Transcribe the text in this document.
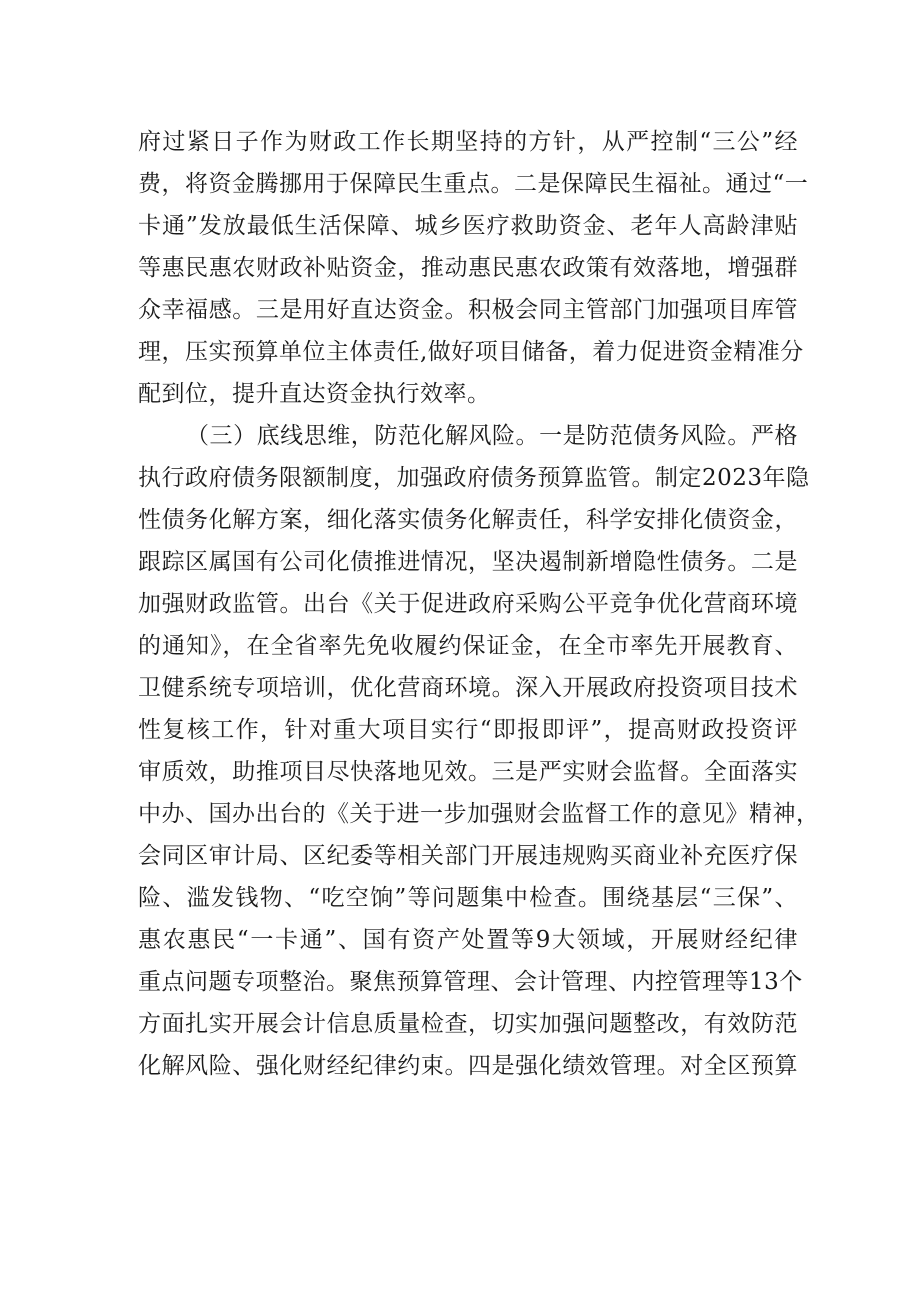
府过紧日子作为财政工作长期坚持的方针，从严控制“三公”经
费，将资金腾挪用于保障民生重点。二是保障民生福祉。通过“一
卡通”发放最低生活保障、城乡医疗救助资金、老年人高龄津贴
等惠民惠农财政补贴资金，推动惠民惠农政策有效落地，增强群
众幸福感。三是用好直达资金。积极会同主管部门加强项目库管
理，压实预算单位主体责任,做好项目储备，着力促进资金精准分
配到位，提升直达资金执行效率。
（三）底线思维，防范化解风险。一是防范债务风险。严格
执行政府债务限额制度，加强政府债务预算监管。制定2023年隐
性债务化解方案，细化落实债务化解责任，科学安排化债资金，
跟踪区属国有公司化债推进情况，坚决遏制新增隐性债务。二是
加强财政监管。出台《关于促进政府采购公平竞争优化营商环境
的通知》，在全省率先免收履约保证金，在全市率先开展教育、
卫健系统专项培训，优化营商环境。深入开展政府投资项目技术
性复核工作，针对重大项目实行“即报即评”，提高财政投资评
审质效，助推项目尽快落地见效。三是严实财会监督。全面落实
中办、国办出台的《关于进一步加强财会监督工作的意见》精神，
会同区审计局、区纪委等相关部门开展违规购买商业补充医疗保
险、滥发钱物、“吃空饷”等问题集中检查。围绕基层“三保”、
惠农惠民“一卡通”、国有资产处置等9大领域，开展财经纪律
重点问题专项整治。聚焦预算管理、会计管理、内控管理等13个
方面扎实开展会计信息质量检查，切实加强问题整改，有效防范
化解风险、强化财经纪律约束。四是强化绩效管理。对全区预算
